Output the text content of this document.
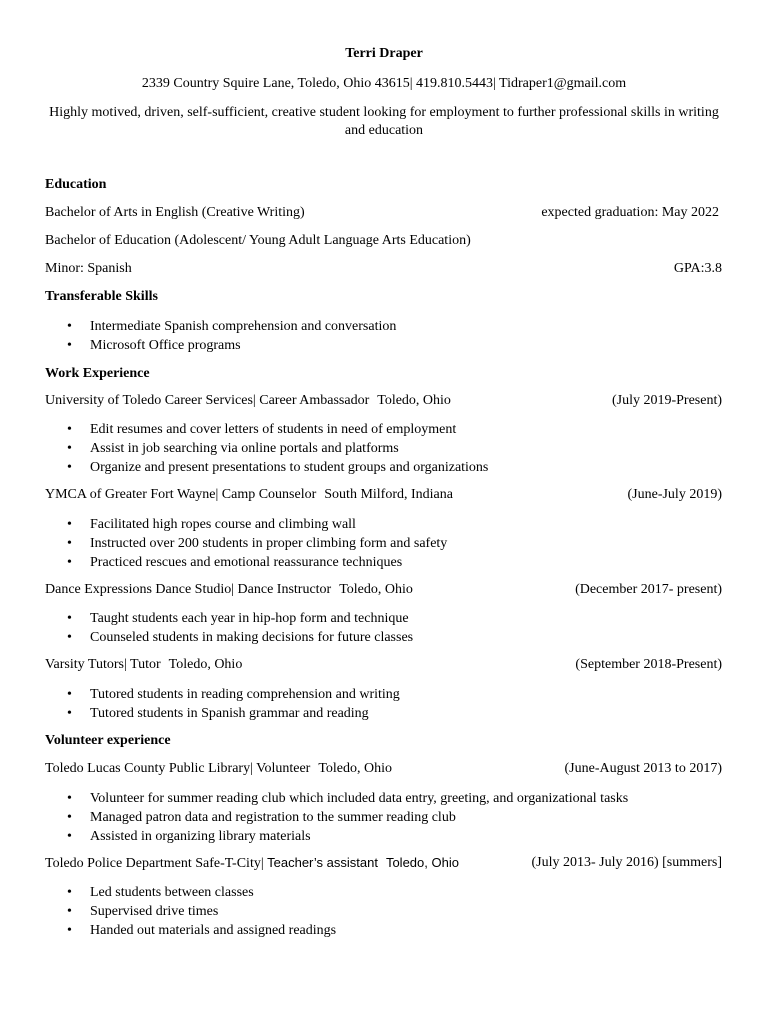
Terri Draper
2339 Country Squire Lane, Toledo, Ohio 43615| 419.810.5443| Tidraper1@gmail.com
Highly motived, driven, self-sufficient, creative student looking for employment to further professional skills in writing and education
Education
Bachelor of Arts in English (Creative Writing)	expected graduation: May 2022
Bachelor of Education (Adolescent/ Young Adult Language Arts Education)
Minor: Spanish	GPA:3.8
Transferable Skills
• Intermediate Spanish comprehension and conversation
• Microsoft Office programs
Work Experience
University of Toledo Career Services| Career Ambassador Toledo, Ohio	(July 2019-Present)
• Edit resumes and cover letters of students in need of employment
• Assist in job searching via online portals and platforms
• Organize and present presentations to student groups and organizations
YMCA of Greater Fort Wayne| Camp Counselor South Milford, Indiana	(June-July 2019)
• Facilitated high ropes course and climbing wall
• Instructed over 200 students in proper climbing form and safety
• Practiced rescues and emotional reassurance techniques
Dance Expressions Dance Studio| Dance Instructor Toledo, Ohio	(December 2017- present)
• Taught students each year in hip-hop form and technique
• Counseled students in making decisions for future classes
Varsity Tutors| Tutor Toledo, Ohio	(September 2018-Present)
• Tutored students in reading comprehension and writing
• Tutored students in Spanish grammar and reading
Volunteer experience
Toledo Lucas County Public Library| Volunteer Toledo, Ohio	(June-August 2013 to 2017)
• Volunteer for summer reading club which included data entry, greeting, and organizational tasks
• Managed patron data and registration to the summer reading club
• Assisted in organizing library materials
Toledo Police Department Safe-T-City| Teacher’s assistant Toledo, Ohio	(July 2013- July 2016) [summers]
• Led students between classes
• Supervised drive times
• Handed out materials and assigned readings
